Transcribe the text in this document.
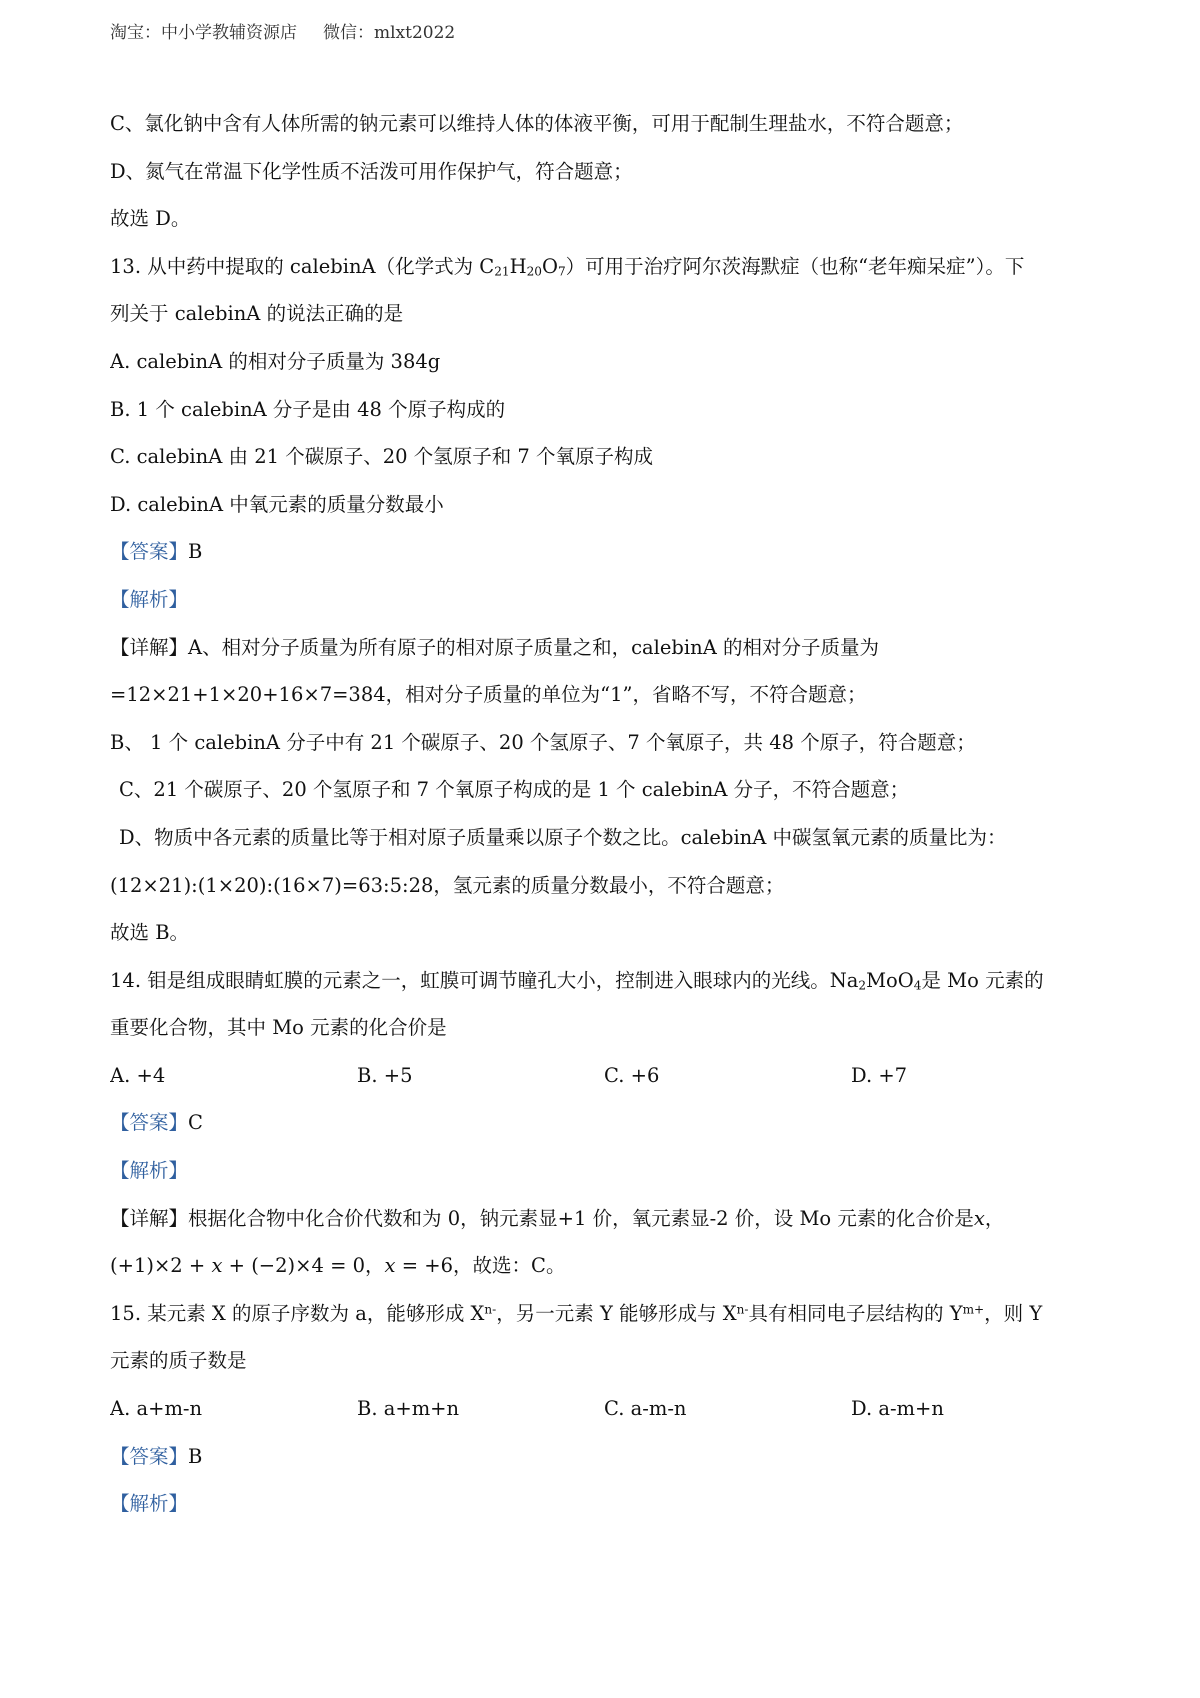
淘宝：中小学教辅资源店 微信：mlxt2022
C、氯化钠中含有人体所需的钠元素可以维持人体的体液平衡，可用于配制生理盐水，不符合题意；
D、氮气在常温下化学性质不活泼可用作保护气，符合题意；
故选 D。
13. 从中药中提取的 calebinA（化学式为 $C_{21}H_{20}O_7$）可用于治疗阿尔茨海默症（也称“老年痴呆症”）。下
列关于 calebinA 的说法正确的是
A. calebinA 的相对分子质量为 384g
B. 1 个 calebinA 分子是由 48 个原子构成的
C. calebinA 由 21 个碳原子、20 个氢原子和 7 个氧原子构成
D. calebinA 中氧元素的质量分数最小
【答案】B
【解析】
【详解】A、相对分子质量为所有原子的相对原子质量之和，calebinA 的相对分子质量为
=12×21+1×20+16×7=384，相对分子质量的单位为“1”，省略不写，不符合题意；
B、 1 个 calebinA 分子中有 21 个碳原子、20 个氢原子、7 个氧原子，共 48 个原子，符合题意；
C、21 个碳原子、20 个氢原子和 7 个氧原子构成的是 1 个 calebinA 分子，不符合题意；
D、物质中各元素的质量比等于相对原子质量乘以原子个数之比。calebinA 中碳氢氧元素的质量比为：
(12×21):(1×20):(16×7)=63:5:28，氢元素的质量分数最小，不符合题意；
故选 B。
14. 钼是组成眼睛虹膜的元素之一，虹膜可调节瞳孔大小，控制进入眼球内的光线。$Na_2MoO_4$是 Mo 元素的
重要化合物，其中 Mo 元素的化合价是
A. +4	B. +5	C. +6	D. +7
【答案】C
【解析】
【详解】根据化合物中化合价代数和为 0，钠元素显+1 价，氧元素显-2 价，设 Mo 元素的化合价是x，
(+1)×2 + x + (−2)×4 = 0，x = +6，故选：C。
15. 某元素 X 的原子序数为 a，能够形成 $X^{n-}$，另一元素 Y 能够形成与 $X^{n-}$具有相同电子层结构的 $Y^{m+}$，则 Y
元素的质子数是
A. a+m-n	B. a+m+n	C. a-m-n	D. a-m+n
【答案】B
【解析】
